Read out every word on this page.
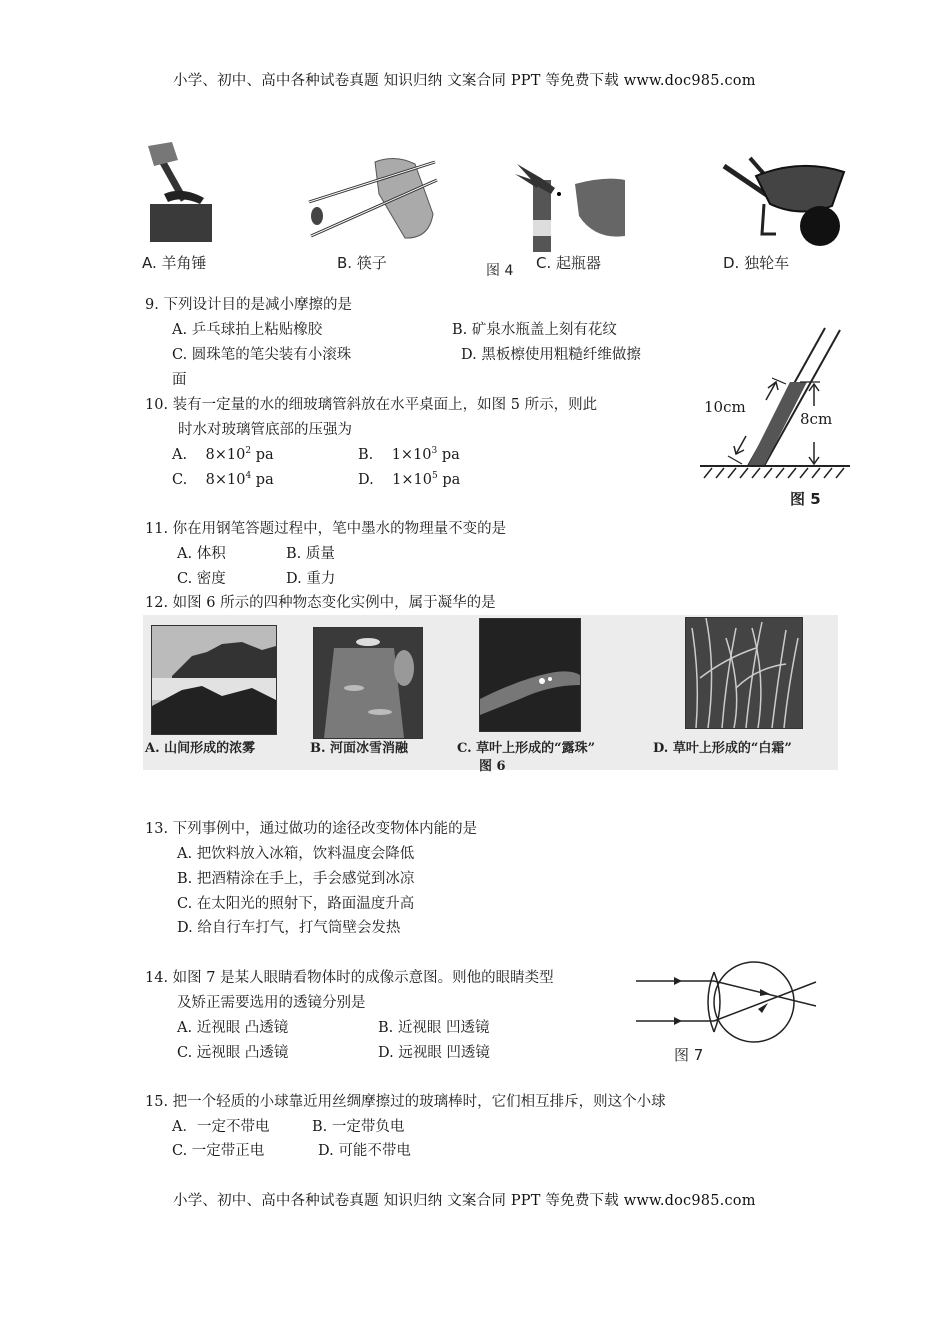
小学、初中、高中各种试卷真题 知识归纳 文案合同 PPT 等免费下载 www.doc985.com
A. 羊角锤	B. 筷子	图 4 C. 起瓶器	D. 独轮车
9. 下列设计目的是减小摩擦的是
A. 乒乓球拍上粘贴橡胶	B. 矿泉水瓶盖上刻有花纹
C. 圆珠笔的笔尖装有小滚珠	D. 黑板檫使用粗糙纤维做擦
面
10cm
8cm
图 5
10. 装有一定量的水的细玻璃管斜放在水平桌面上，如图 5 所示，则此
时水对玻璃管底部的压强为
A. $8\times 10^2$ pa	B. $1\times 10^3$ pa
C. $8\times 10^4$ pa	D. $1\times 10^5$ pa
11. 你在用钢笔答题过程中，笔中墨水的物理量不变的是
A. 体积	B. 质量
C. 密度	D. 重力
12. 如图 6 所示的四种物态变化实例中，属于凝华的是
A. 山间形成的浓雾	B. 河面冰雪消融	C. 草叶上形成的“露珠”	D. 草叶上形成的“白霜”
图 6
13. 下列事例中，通过做功的途径改变物体内能的是
A. 把饮料放入冰箱，饮料温度会降低
B. 把酒精涂在手上，手会感觉到冰凉
C. 在太阳光的照射下，路面温度升高
D. 给自行车打气，打气筒壁会发热
14. 如图 7 是某人眼睛看物体时的成像示意图。则他的眼睛类型
及矫正需要选用的透镜分别是
A. 近视眼 凸透镜	B. 近视眼 凹透镜
C. 远视眼 凸透镜	D. 远视眼 凹透镜	图 7
15. 把一个轻质的小球靠近用丝绸摩擦过的玻璃棒时，它们相互排斥，则这个小球
A．一定不带电	B. 一定带负电
C. 一定带正电	D. 可能不带电
小学、初中、高中各种试卷真题 知识归纳 文案合同 PPT 等免费下载 www.doc985.com
